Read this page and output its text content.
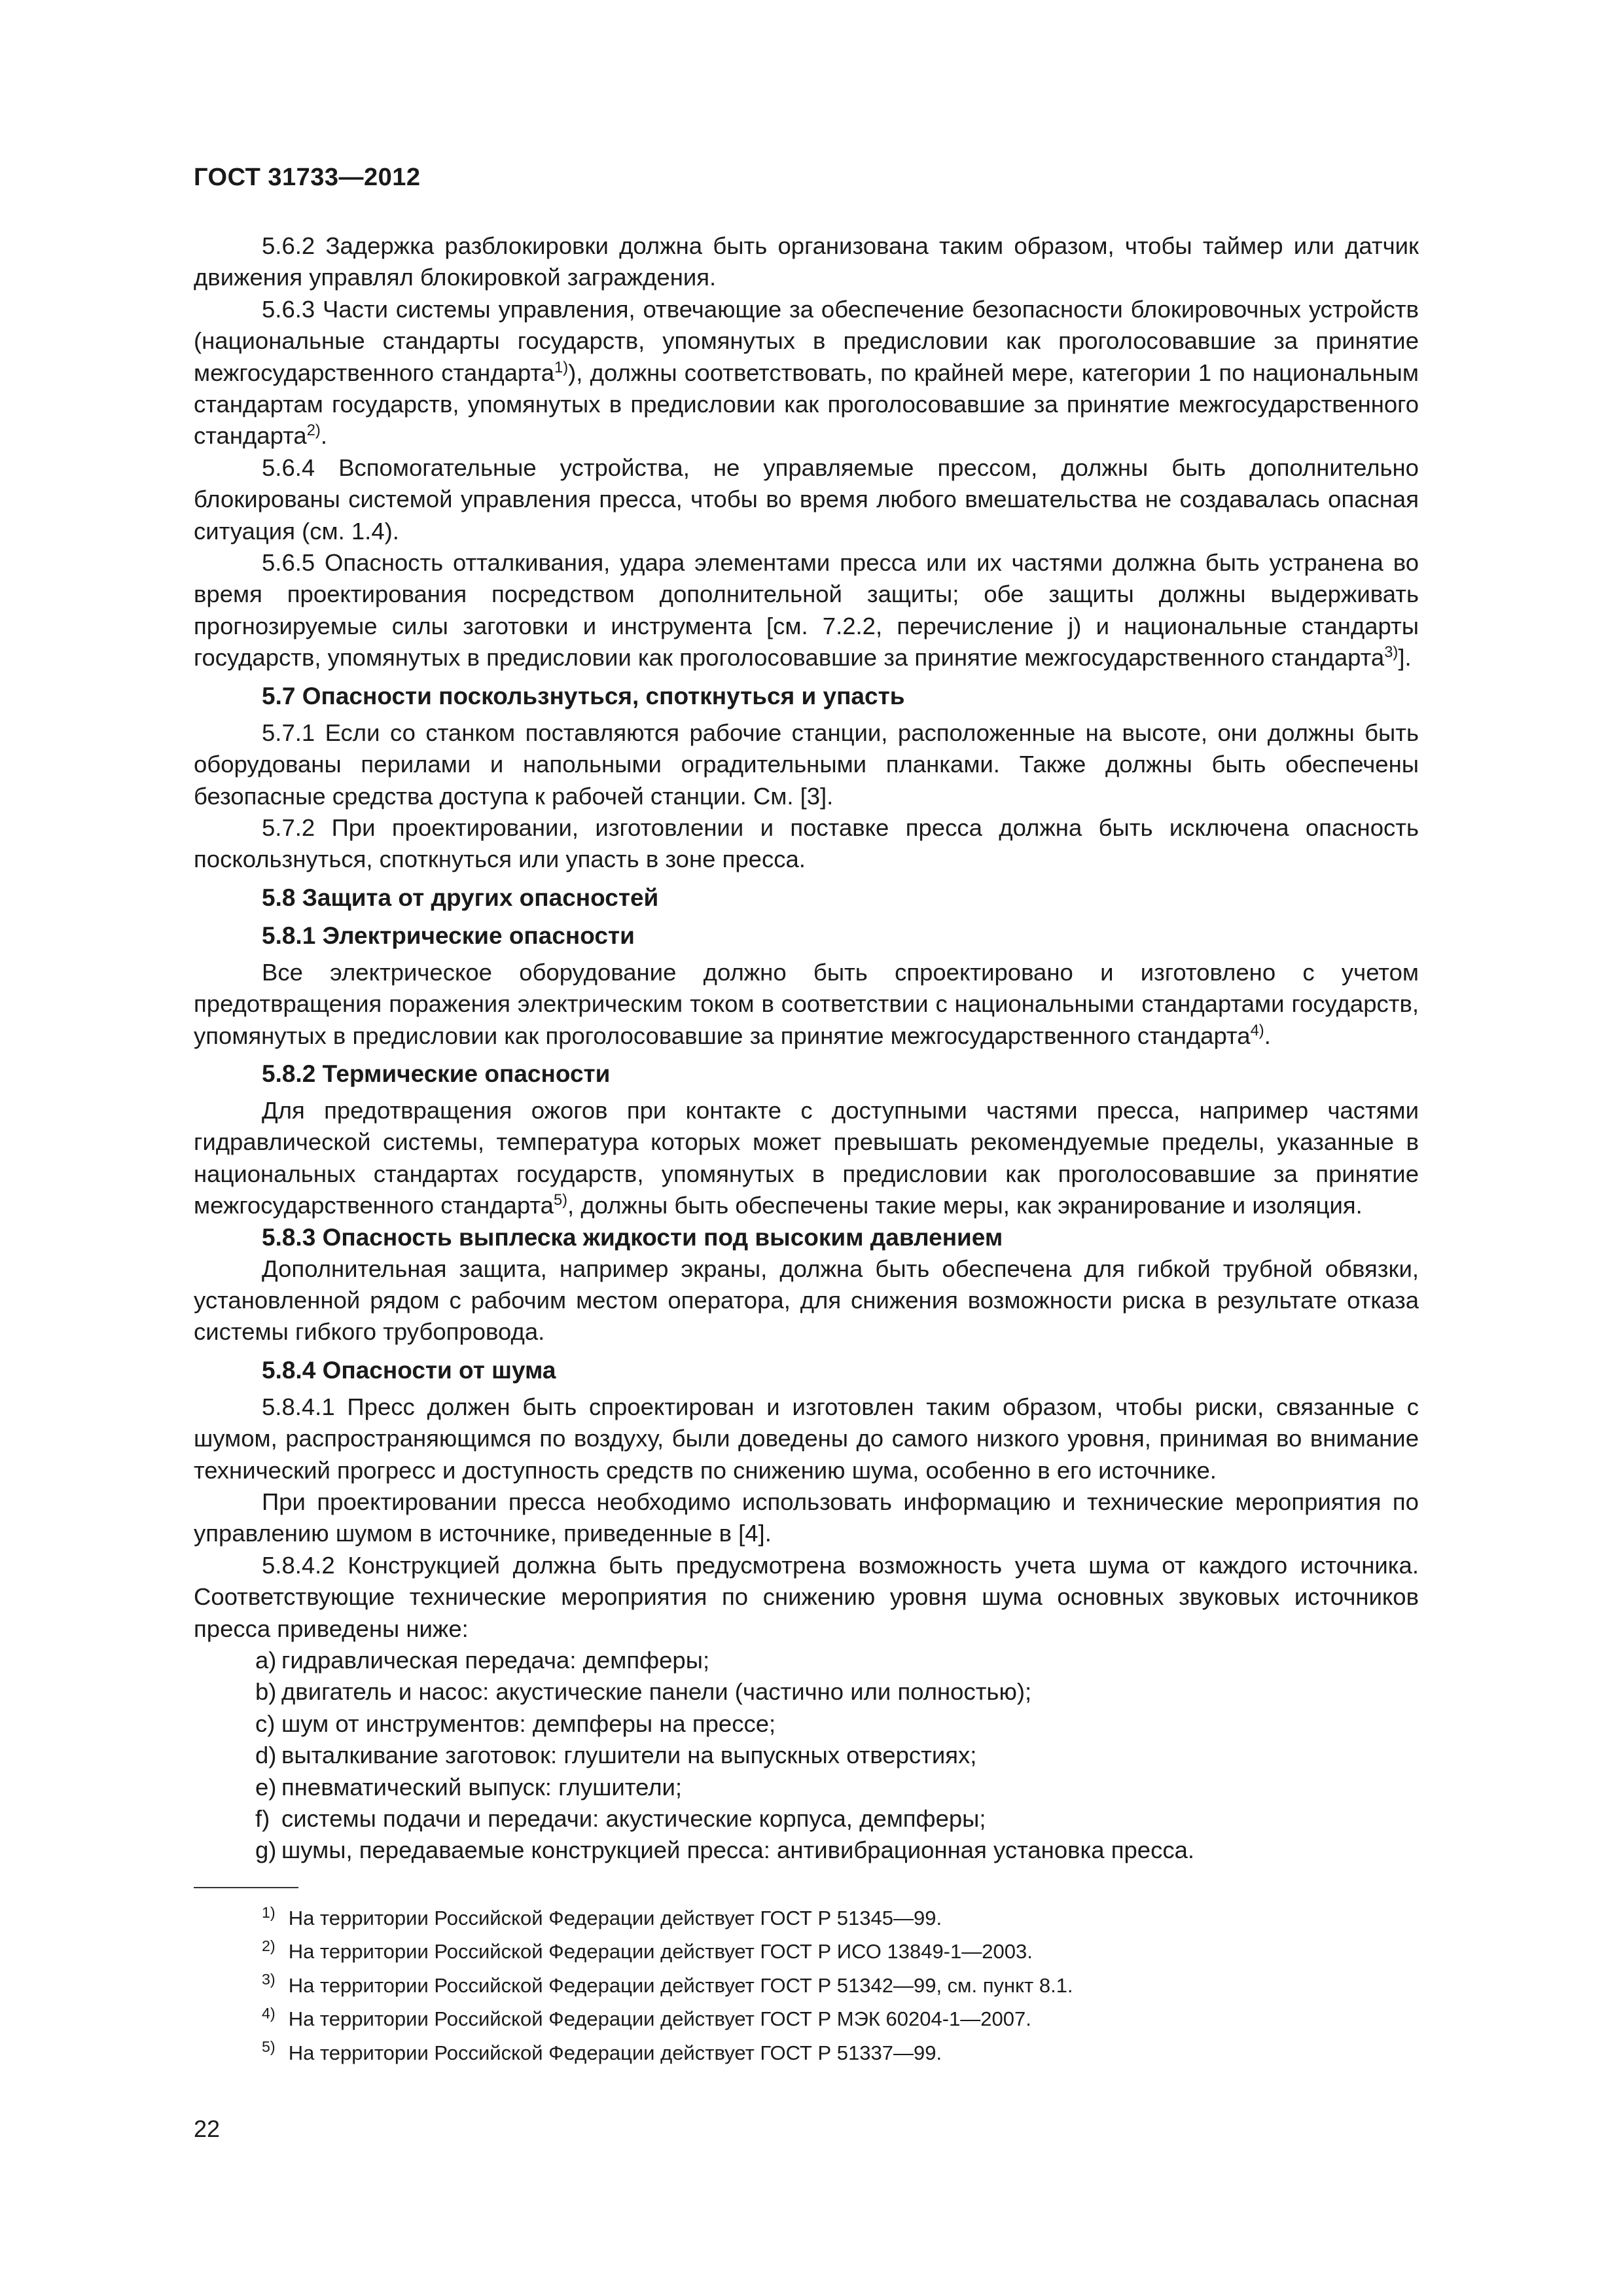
ГОСТ 31733—2012

5.6.2 Задержка разблокировки должна быть организована таким образом, чтобы таймер или датчик движения управлял блокировкой заграждения.

5.6.3 Части системы управления, отвечающие за обеспечение безопасности блокировочных устройств (национальные стандарты государств, упомянутых в предисловии как проголосовавшие за принятие межгосударственного стандарта$^{1)}$), должны соответствовать, по крайней мере, категории 1 по национальным стандартам государств, упомянутых в предисловии как проголосовавшие за принятие межгосударственного стандарта$^{2)}$.

5.6.4 Вспомогательные устройства, не управляемые прессом, должны быть дополнительно блокированы системой управления пресса, чтобы во время любого вмешательства не создавалась опасная ситуация (см. 1.4).

5.6.5 Опасность отталкивания, удара элементами пресса или их частями должна быть устранена во время проектирования посредством дополнительной защиты; обе защиты должны выдерживать прогнозируемые силы заготовки и инструмента [см. 7.2.2, перечисление j) и национальные стандарты государств, упомянутых в предисловии как проголосовавшие за принятие межгосударственного стандарта$^{3)}$].

5.7 Опасности поскользнуться, споткнуться и упасть

5.7.1 Если со станком поставляются рабочие станции, расположенные на высоте, они должны быть оборудованы перилами и напольными оградительными планками. Также должны быть обеспечены безопасные средства доступа к рабочей станции. См. [3].

5.7.2 При проектировании, изготовлении и поставке пресса должна быть исключена опасность поскользнуться, споткнуться или упасть в зоне пресса.

5.8 Защита от других опасностей
5.8.1 Электрические опасности

Все электрическое оборудование должно быть спроектировано и изготовлено с учетом предотвращения поражения электрическим током в соответствии с национальными стандартами государств, упомянутых в предисловии как проголосовавшие за принятие межгосударственного стандарта$^{4)}$.

5.8.2 Термические опасности

Для предотвращения ожогов при контакте с доступными частями пресса, например частями гидравлической системы, температура которых может превышать рекомендуемые пределы, указанные в национальных стандартах государств, упомянутых в предисловии как проголосовавшие за принятие межгосударственного стандарта$^{5)}$, должны быть обеспечены такие меры, как экранирование и изоляция.

5.8.3 Опасность выплеска жидкости под высоким давлением

Дополнительная защита, например экраны, должна быть обеспечена для гибкой трубной обвязки, установленной рядом с рабочим местом оператора, для снижения возможности риска в результате отказа системы гибкого трубопровода.

5.8.4 Опасности от шума

5.8.4.1 Пресс должен быть спроектирован и изготовлен таким образом, чтобы риски, связанные с шумом, распространяющимся по воздуху, были доведены до самого низкого уровня, принимая во внимание технический прогресс и доступность средств по снижению шума, особенно в его источнике.

При проектировании пресса необходимо использовать информацию и технические мероприятия по управлению шумом в источнике, приведенные в [4].

5.8.4.2 Конструкцией должна быть предусмотрена возможность учета шума от каждого источника. Соответствующие технические мероприятия по снижению уровня шума основных звуковых источников пресса приведены ниже:

a) гидравлическая передача: демпферы;
b) двигатель и насос: акустические панели (частично или полностью);
c) шум от инструментов: демпферы на прессе;
d) выталкивание заготовок: глушители на выпускных отверстиях;
e) пневматический выпуск: глушители;
f) системы подачи и передачи: акустические корпуса, демпферы;
g) шумы, передаваемые конструкцией пресса: антивибрационная установка пресса.
$^{1)}$ На территории Российской Федерации действует ГОСТ Р 51345—99.
$^{2)}$ На территории Российской Федерации действует ГОСТ Р ИСО 13849-1—2003.
$^{3)}$ На территории Российской Федерации действует ГОСТ Р 51342—99, см. пункт 8.1.
$^{4)}$ На территории Российской Федерации действует ГОСТ Р МЭК 60204-1—2007.
$^{5)}$ На территории Российской Федерации действует ГОСТ Р 51337—99.
22
